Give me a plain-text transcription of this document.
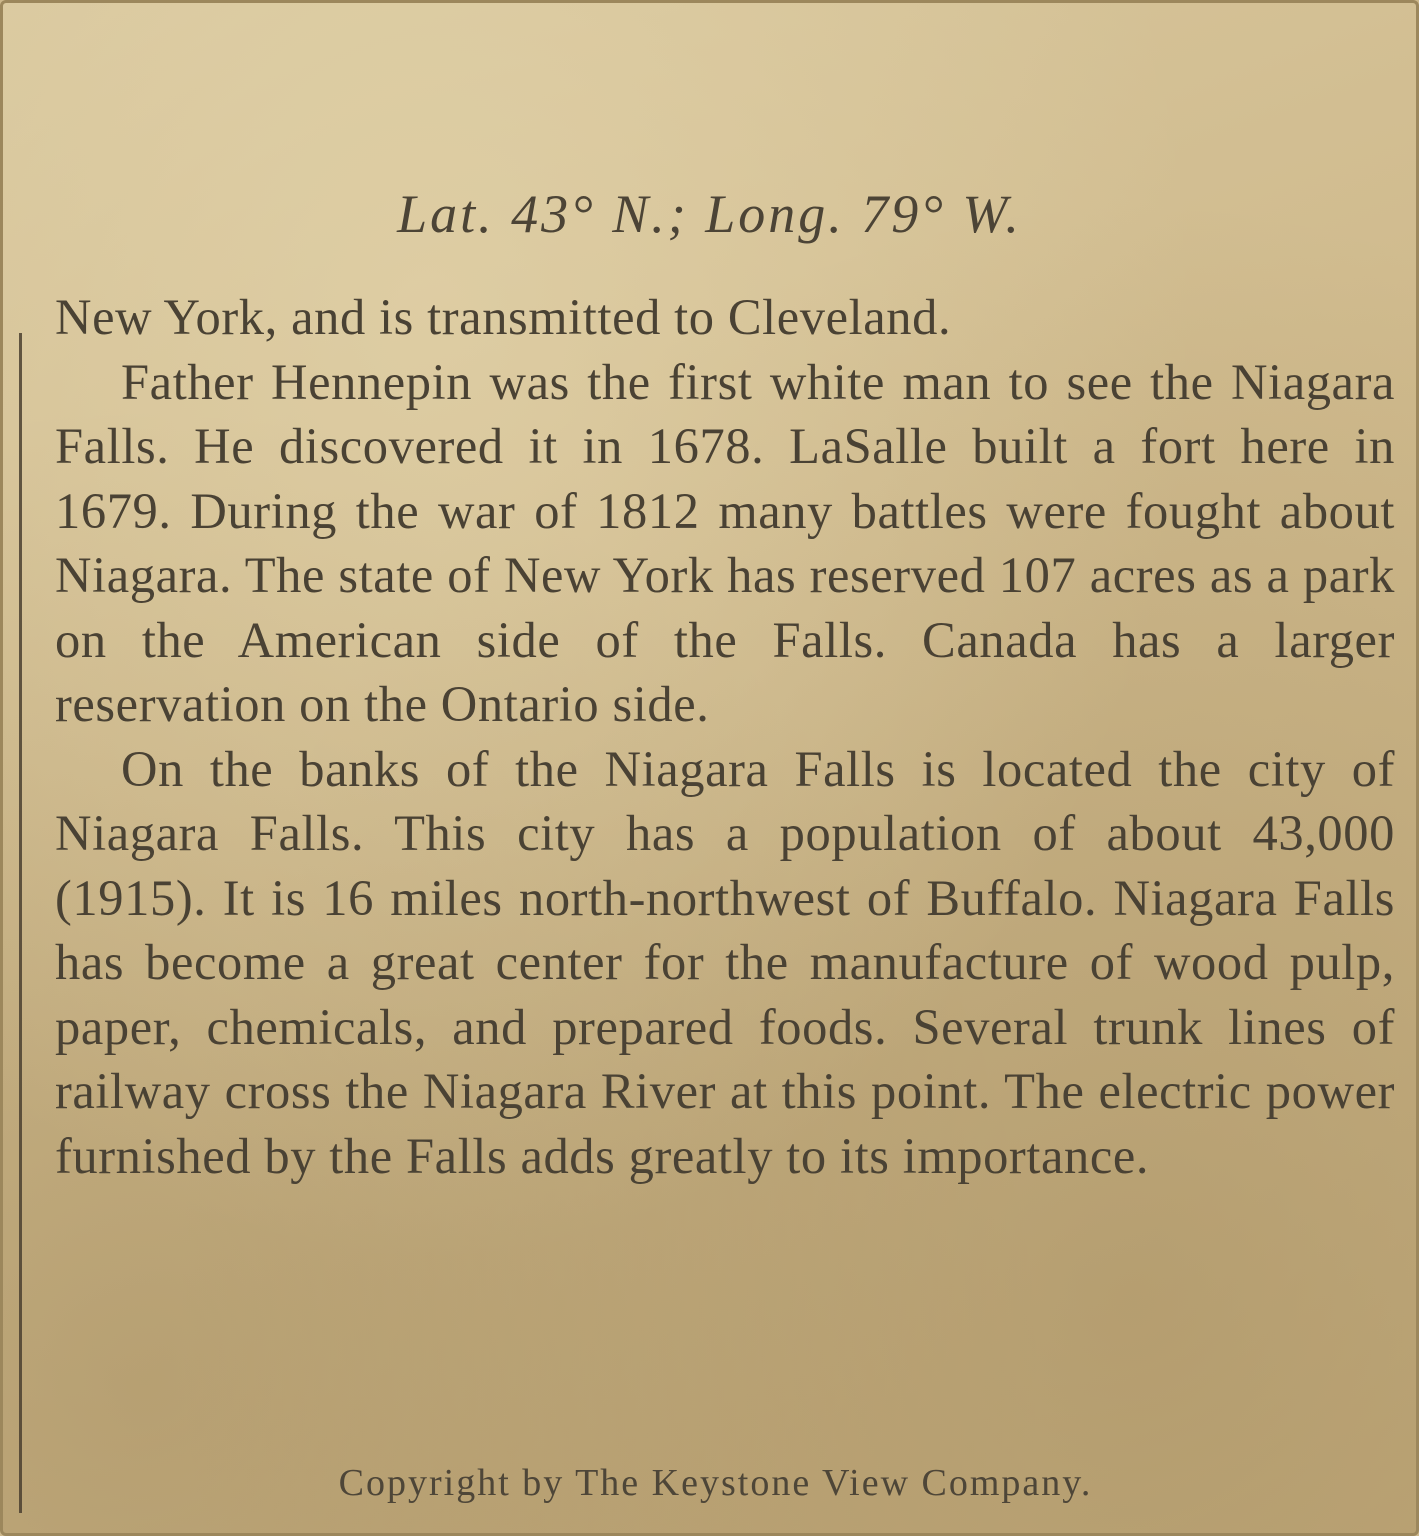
Lat. 43° N.; Long. 79° W.

New York, and is transmitted to Cleveland.

Father Hennepin was the first white man to see the Niagara Falls. He discovered it in 1678. LaSalle built a fort here in 1679. During the war of 1812 many battles were fought about Niagara. The state of New York has reserved 107 acres as a park on the American side of the Falls. Canada has a larger reservation on the Ontario side.

On the banks of the Niagara Falls is located the city of Niagara Falls. This city has a population of about 43,000 (1915). It is 16 miles north-northwest of Buffalo. Niagara Falls has become a great center for the manufacture of wood pulp, paper, chemicals, and prepared foods. Several trunk lines of railway cross the Niagara River at this point. The electric power furnished by the Falls adds greatly to its importance.

Copyright by The Keystone View Company.
